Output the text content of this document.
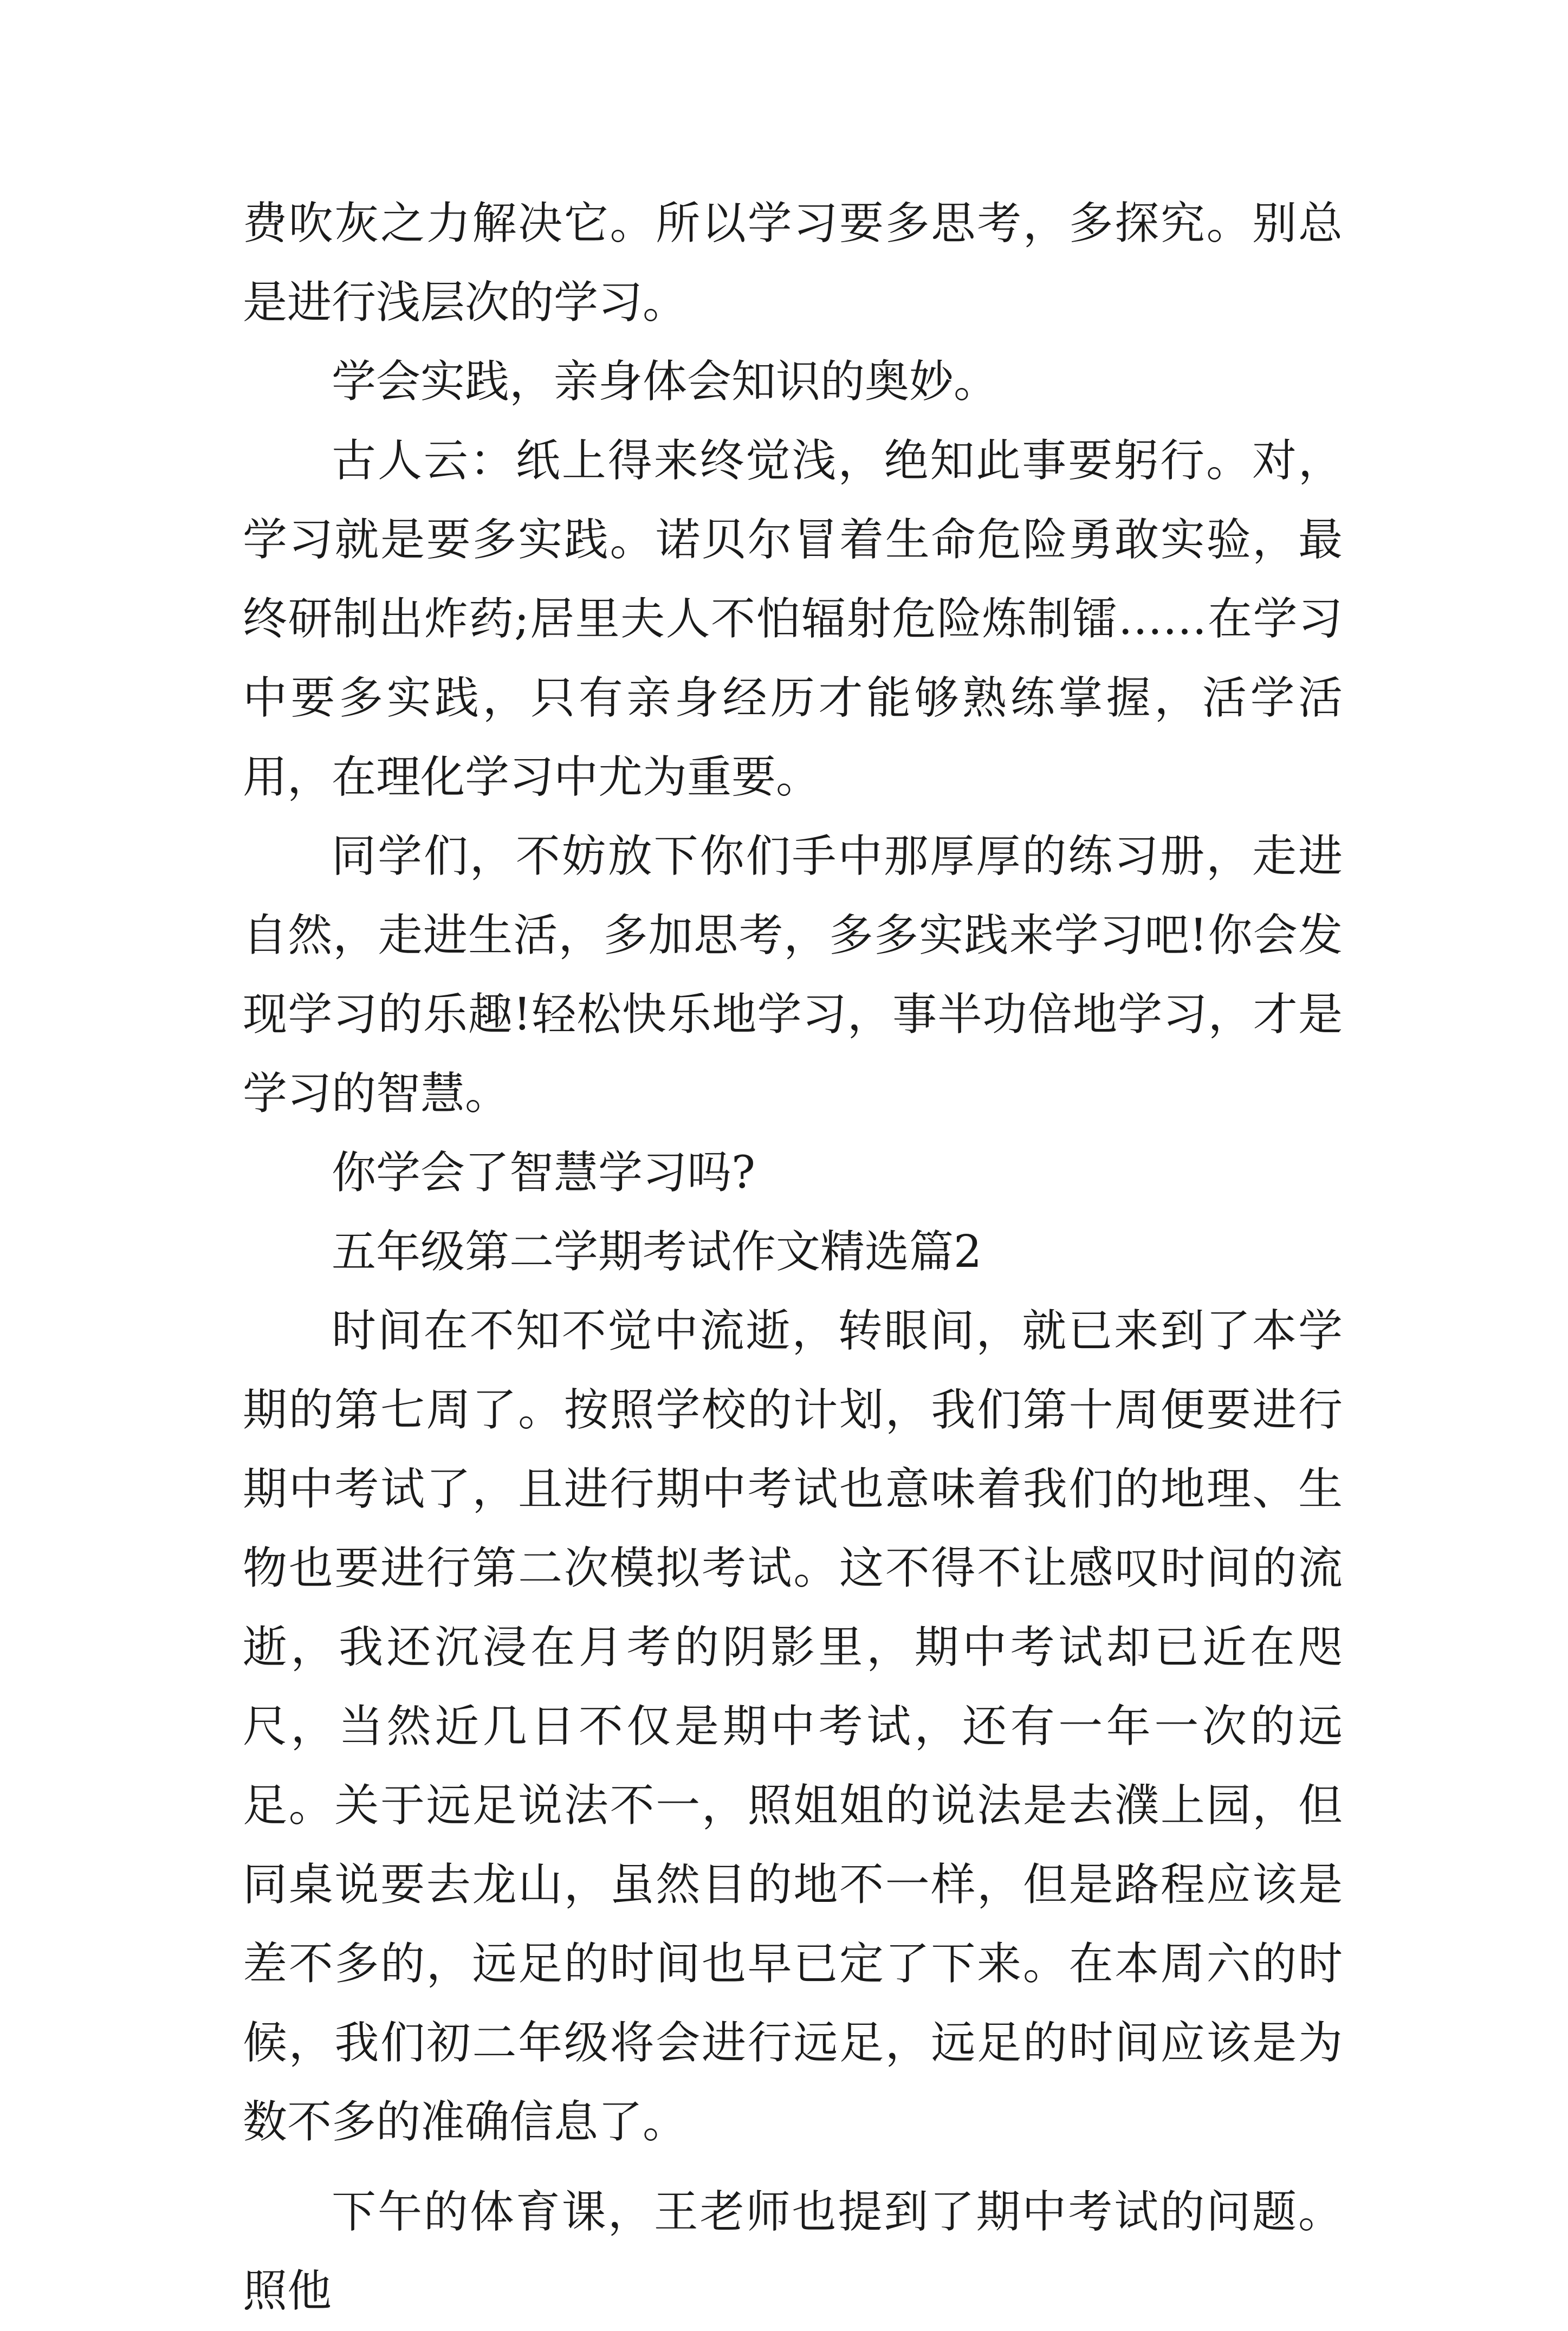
费吹灰之力解决它。所以学习要多思考，多探究。别总是进行浅层次的学习。

学会实践，亲身体会知识的奥妙。

古人云：纸上得来终觉浅，绝知此事要躬行。对，学习就是要多实践。诺贝尔冒着生命危险勇敢实验，最终研制出炸药;居里夫人不怕辐射危险炼制镭……在学习中要多实践，只有亲身经历才能够熟练掌握，活学活用，在理化学习中尤为重要。

同学们，不妨放下你们手中那厚厚的练习册，走进自然，走进生活，多加思考，多多实践来学习吧!你会发现学习的乐趣!轻松快乐地学习，事半功倍地学习，才是学习的智慧。

你学会了智慧学习吗?

五年级第二学期考试作文精选篇2

时间在不知不觉中流逝，转眼间，就已来到了本学期的第七周了。按照学校的计划，我们第十周便要进行期中考试了，且进行期中考试也意味着我们的地理、生物也要进行第二次模拟考试。这不得不让感叹时间的流逝，我还沉浸在月考的阴影里，期中考试却已近在咫尺，当然近几日不仅是期中考试，还有一年一次的远足。关于远足说法不一，照姐姐的说法是去濮上园，但同桌说要去龙山，虽然目的地不一样，但是路程应该是差不多的，远足的时间也早已定了下来。在本周六的时候，我们初二年级将会进行远足，远足的时间应该是为数不多的准确信息了。

下午的体育课，王老师也提到了期中考试的问题。照他
